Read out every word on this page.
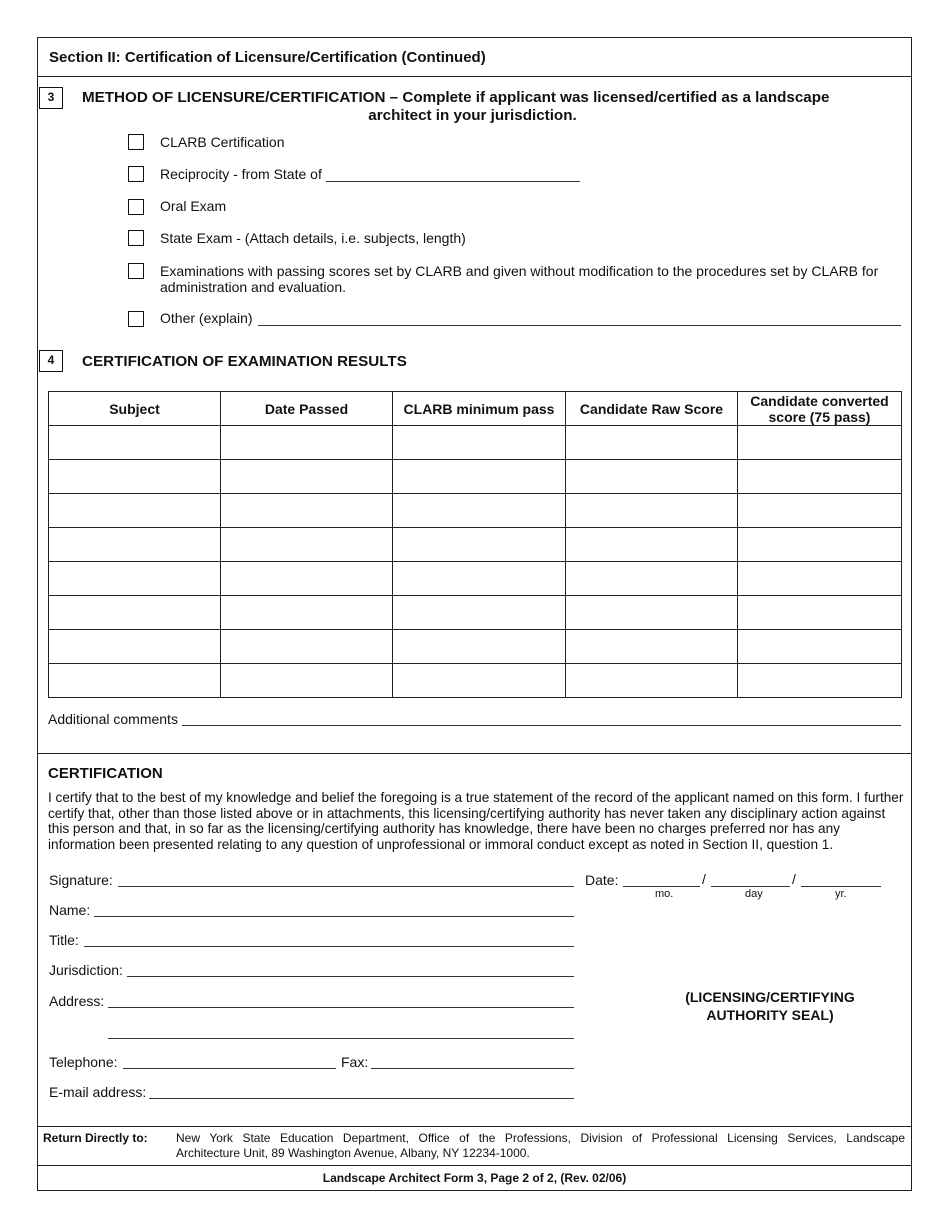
Section II: Certification of Licensure/Certification (Continued)
3	METHOD OF LICENSURE/CERTIFICATION – Complete if applicant was licensed/certified as a landscape
architect in your jurisdiction.
CLARB Certification
Reciprocity - from State of
Oral Exam
State Exam - (Attach details, i.e. subjects, length)
Examinations with passing scores set by CLARB and given without modification to the procedures set by CLARB for administration and evaluation.
Other (explain)
4	CERTIFICATION OF EXAMINATION RESULTS
Subject	Date Passed	CLARB minimum pass	Candidate Raw Score	Candidate converted score (75 pass)

Additional comments
CERTIFICATION
I certify that to the best of my knowledge and belief the foregoing is a true statement of the record of the applicant named on this form. I further certify that, other than those listed above or in attachments, this licensing/certifying authority has never taken any disciplinary action against this person and that, in so far as the licensing/certifying authority has knowledge, there have been no charges preferred nor has any information been presented relating to any question of unprofessional or immoral conduct except as noted in Section II, question 1.
Signature:	Date:	/	/
mo.	day	yr.
Name:
Title:
Jurisdiction:
Address:
Telephone:	Fax:
E-mail address:
(LICENSING/CERTIFYING
AUTHORITY SEAL)
Return Directly to: New York State Education Department, Office of the Professions, Division of Professional Licensing Services, Landscape
Architecture Unit, 89 Washington Avenue, Albany, NY 12234-1000.
Landscape Architect Form 3, Page 2 of 2, (Rev. 02/06)
